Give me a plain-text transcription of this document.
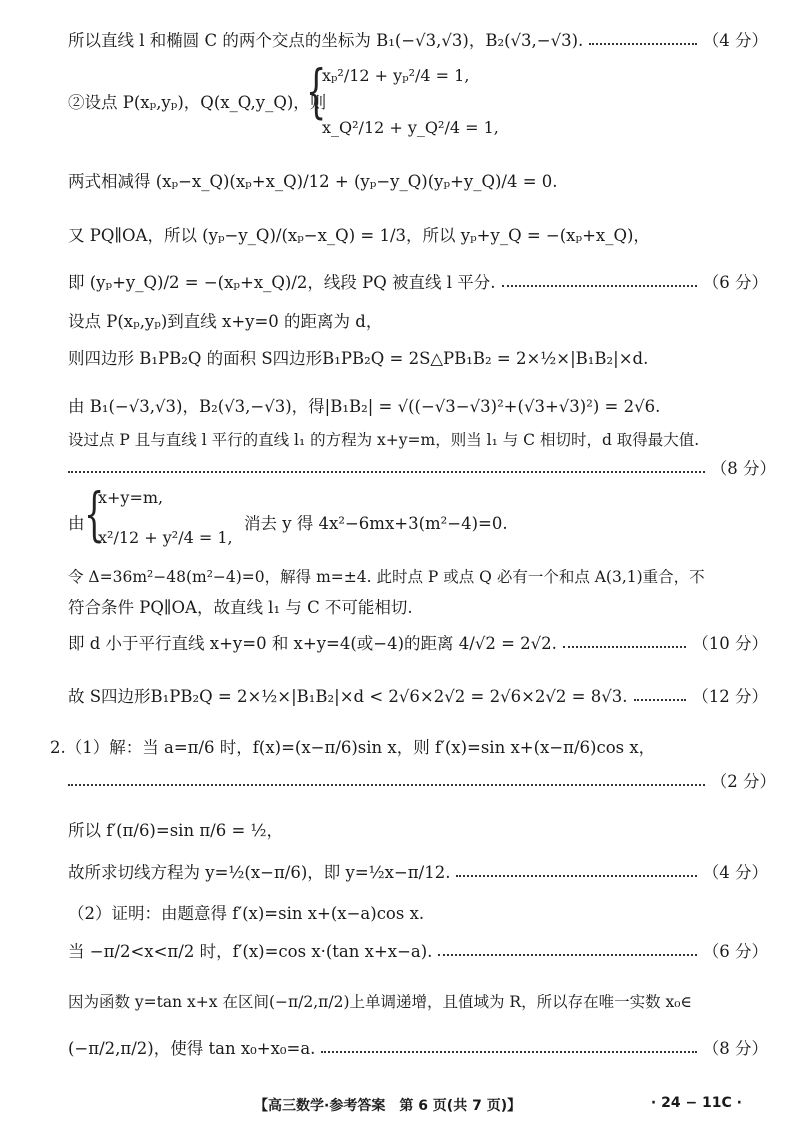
所以直线 l 和椭圆 C 的两个交点的坐标为 B₁(−√3,√3)，B₂(√3,−√3).	（4 分）
②设点 P(xₚ,yₚ)，Q(x_Q,y_Q)，则
{
xₚ²/12 + yₚ²/4 = 1,
x_Q²/12 + y_Q²/4 = 1,
两式相减得 (xₚ−x_Q)(xₚ+x_Q)/12 + (yₚ−y_Q)(yₚ+y_Q)/4 = 0.
又 PQ∥OA，所以 (yₚ−y_Q)/(xₚ−x_Q) = 1/3，所以 yₚ+y_Q = −(xₚ+x_Q)，
即 (yₚ+y_Q)/2 = −(xₚ+x_Q)/2，线段 PQ 被直线 l 平分.	（6 分）
设点 P(xₚ,yₚ)到直线 x+y=0 的距离为 d，
则四边形 B₁PB₂Q 的面积 S四边形B₁PB₂Q = 2S△PB₁B₂ = 2×½×|B₁B₂|×d.
由 B₁(−√3,√3)，B₂(√3,−√3)，得|B₁B₂| = √((−√3−√3)²+(√3+√3)²) = 2√6.
设过点 P 且与直线 l 平行的直线 l₁ 的方程为 x+y=m，则当 l₁ 与 C 相切时，d 取得最大值.
（8 分）
由 {
x+y=m,
x²/12 + y²/4 = 1,
消去 y 得 4x²−6mx+3(m²−4)=0.
令 Δ=36m²−48(m²−4)=0，解得 m=±4. 此时点 P 或点 Q 必有一个和点 A(3,1)重合，不
符合条件 PQ∥OA，故直线 l₁ 与 C 不可能相切.
即 d 小于平行直线 x+y=0 和 x+y=4(或−4)的距离 4/√2 = 2√2.	（10 分）
故 S四边形B₁PB₂Q = 2×½×|B₁B₂|×d < 2√6×2√2 = 2√6×2√2 = 8√3.	（12 分）
2.（1）解：当 a=π/6 时，f(x)=(x−π/6)sin x，则 f′(x)=sin x+(x−π/6)cos x，
（2 分）
所以 f′(π/6)=sin π/6 = ½，
故所求切线方程为 y=½(x−π/6)，即 y=½x−π/12.	（4 分）
（2）证明：由题意得 f′(x)=sin x+(x−a)cos x.
当 −π/2<x<π/2 时，f′(x)=cos x·(tan x+x−a).	（6 分）
因为函数 y=tan x+x 在区间(−π/2,π/2)上单调递增，且值域为 R，所以存在唯一实数 x₀∈
(−π/2,π/2)，使得 tan x₀+x₀=a.	（8 分）
【高三数学·参考答案　第 6 页(共 7 页)】	· 24 − 11C ·
